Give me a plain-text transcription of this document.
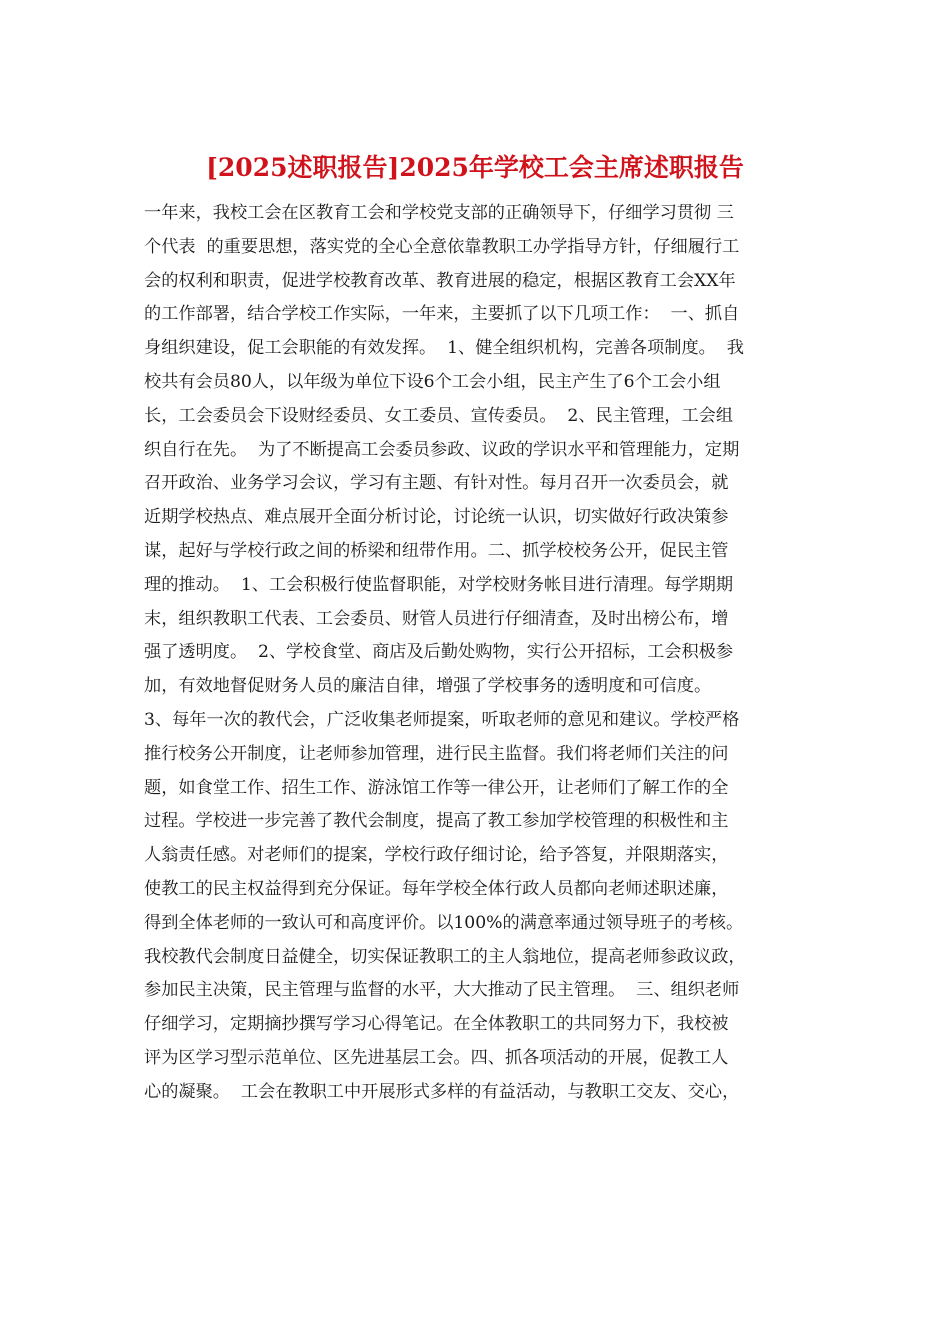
[2025述职报告]2025年学校工会主席述职报告
一年来，我校工会在区教育工会和学校党支部的正确领导下，仔细学习贯彻 三
个代表  的重要思想，落实党的全心全意依靠教职工办学指导方针，仔细履行工
会的权利和职责，促进学校教育改革、教育进展的稳定，根据区教育工会XX年
的工作部署，结合学校工作实际，一年来，主要抓了以下几项工作：  一、抓自
身组织建设，促工会职能的有效发挥。  1、健全组织机构，完善各项制度。  我
校共有会员80人，以年级为单位下设6个工会小组，民主产生了6个工会小组
长，工会委员会下设财经委员、女工委员、宣传委员。  2、民主管理，工会组
织自行在先。  为了不断提高工会委员参政、议政的学识水平和管理能力，定期
召开政治、业务学习会议，学习有主题、有针对性。每月召开一次委员会，就
近期学校热点、难点展开全面分析讨论，讨论统一认识，切实做好行政决策参
谋，起好与学校行政之间的桥梁和纽带作用。二、抓学校校务公开，促民主管
理的推动。  1、工会积极行使监督职能，对学校财务帐目进行清理。每学期期
末，组织教职工代表、工会委员、财管人员进行仔细清查，及时出榜公布，增
强了透明度。  2、学校食堂、商店及后勤处购物，实行公开招标，工会积极参
加，有效地督促财务人员的廉洁自律，增强了学校事务的透明度和可信度。
3、每年一次的教代会，广泛收集老师提案，听取老师的意见和建议。学校严格
推行校务公开制度，让老师参加管理，进行民主监督。我们将老师们关注的问
题，如食堂工作、招生工作、游泳馆工作等一律公开，让老师们了解工作的全
过程。学校进一步完善了教代会制度，提高了教工参加学校管理的积极性和主
人翁责任感。对老师们的提案，学校行政仔细讨论，给予答复，并限期落实，
使教工的民主权益得到充分保证。每年学校全体行政人员都向老师述职述廉，
得到全体老师的一致认可和高度评价。以100%的满意率通过领导班子的考核。
我校教代会制度日益健全，切实保证教职工的主人翁地位，提高老师参政议政，
参加民主决策，民主管理与监督的水平，大大推动了民主管理。  三、组织老师
仔细学习，定期摘抄撰写学习心得笔记。在全体教职工的共同努力下，我校被
评为区学习型示范单位、区先进基层工会。四、抓各项活动的开展，促教工人
心的凝聚。  工会在教职工中开展形式多样的有益活动，与教职工交友、交心，
